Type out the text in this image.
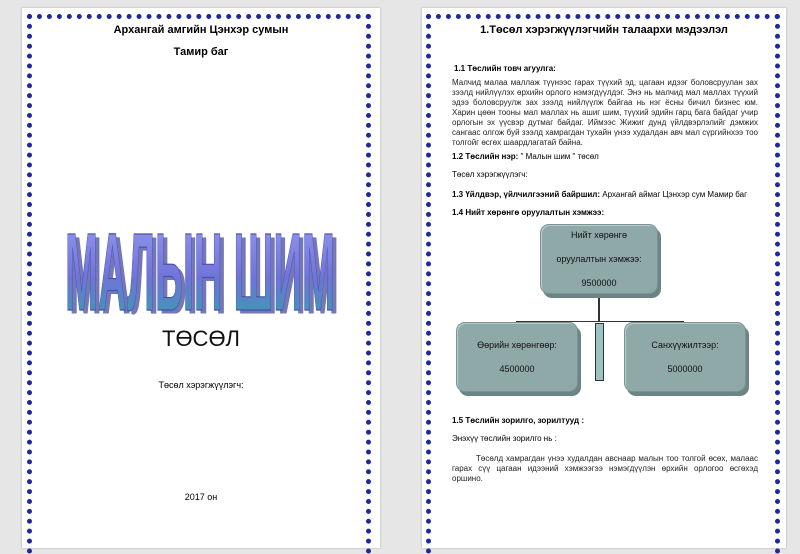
Архангай амгийн Цэнхэр сумын
Тамир баг
МАЛЫН ШИМ
МАЛЫН ШИМ
ТӨСӨЛ
Төсөл хэрэгжүүлэгч:
2017 он
1.Төсөл хэрэгжүүлэгчийн талаархи мэдээлэл
1.1 Төслийн товч агуулга:
Малчид малаа маллаж түүнээс гарах түүхий эд, цагаан идээг боловсруулан зах зээлд нийлүүлэх өрхийн орлого нэмэгдүүлдэг. Энэ нь малчид мал маллах түүхий эдээ боловсруулж зах зээлд нийлүүлж байгаа нь нэг ёсны бичил бизнес юм. Харин цөөн тооны мал маллах нь ашиг шим, түүхий эдийн гарц бага байдаг учир орлогын эх үүсвэр дутмаг байдаг. Иймээс Жижиг дунд үйлдвэрлэлийг дэмжих сангааc олгож буй зээлд хамрагдан тухайн үнээ худалдан авч мал сүргийнхээ тоо толгойг өсгөх шаардлагатай байна.
1.2 Төслийн нэр: " Малын шим " төсөл
Төсөл хэрэгжүүлэгч:
1.3 Үйлдвэр, үйлчилгээний байршил: Архангай аймаг Цэнхэр сум Мамир баг
1.4 Нийт хөрөнгө оруулалтын хэмжээ:
Нийт хөрөнгө
оруулалтын хэмжээ:
9500000
Өөрийн хөрөнгөөр:
4500000
Санхүүжилтээр:
5000000
1.5 Төслийн зорилго, зорилтууд :
Энэхүү төслийн зорилго нь :
Төсөлд хамрагдан үнээ худалдан авснаар малын тоо толгой өсөх, малаас гарах сүү цагаан идээний хэмжээгээ нэмэгдүүлэн өрхийн орлогоо өсгөхэд оршино.
